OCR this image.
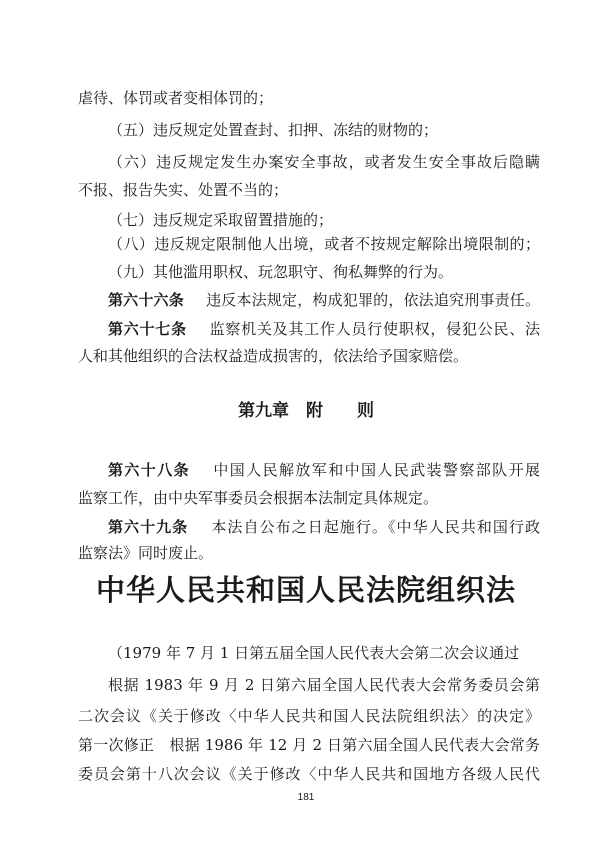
虐待、体罚或者变相体罚的；
（五）违反规定处置查封、扣押、冻结的财物的；
（六）违反规定发生办案安全事故，或者发生安全事故后隐瞒
不报、报告失实、处置不当的；
（七）违反规定采取留置措施的；
（八）违反规定限制他人出境，或者不按规定解除出境限制的；
（九）其他滥用职权、玩忽职守、徇私舞弊的行为。
第六十六条 违反本法规定，构成犯罪的，依法追究刑事责任。
第六十七条 监察机关及其工作人员行使职权，侵犯公民、法
人和其他组织的合法权益造成损害的，依法给予国家赔偿。
第九章　附　　则
第六十八条 中国人民解放军和中国人民武装警察部队开展
监察工作，由中央军事委员会根据本法制定具体规定。
第六十九条 本法自公布之日起施行。《中华人民共和国行政
监察法》同时废止。
中华人民共和国人民法院组织法
（1979 年 7 月 1 日第五届全国人民代表大会第二次会议通过
根据 1983 年 9 月 2 日第六届全国人民代表大会常务委员会第
二次会议《关于修改〈中华人民共和国人民法院组织法〉的决定》
第一次修正　根据 1986 年 12 月 2 日第六届全国人民代表大会常务
委员会第十八次会议《关于修改〈中华人民共和国地方各级人民代
181
